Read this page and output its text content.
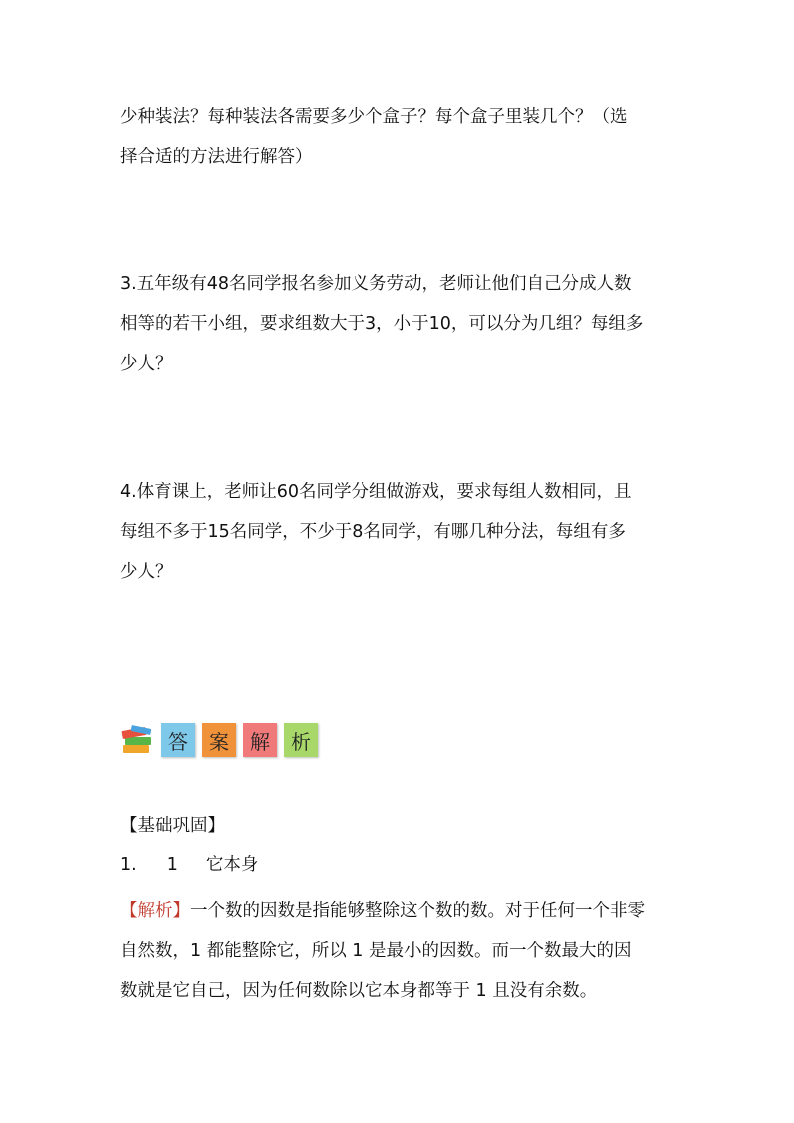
少种装法？每种装法各需要多少个盒子？每个盒子里装几个？（选
择合适的方法进行解答）
3.五年级有48名同学报名参加义务劳动，老师让他们自己分成人数
相等的若干小组，要求组数大于3，小于10，可以分为几组？每组多
少人？
4.体育课上，老师让60名同学分组做游戏，要求每组人数相同，且
每组不多于15名同学，不少于8名同学，有哪几种分法，每组有多
少人？
答 案 解 析

【基础巩固】

1. 1 它本身
【解析】一个数的因数是指能够整除这个数的数。对于任何一个非零
自然数，1 都能整除它，所以 1 是最小的因数。而一个数最大的因
数就是它自己，因为任何数除以它本身都等于 1 且没有余数。
